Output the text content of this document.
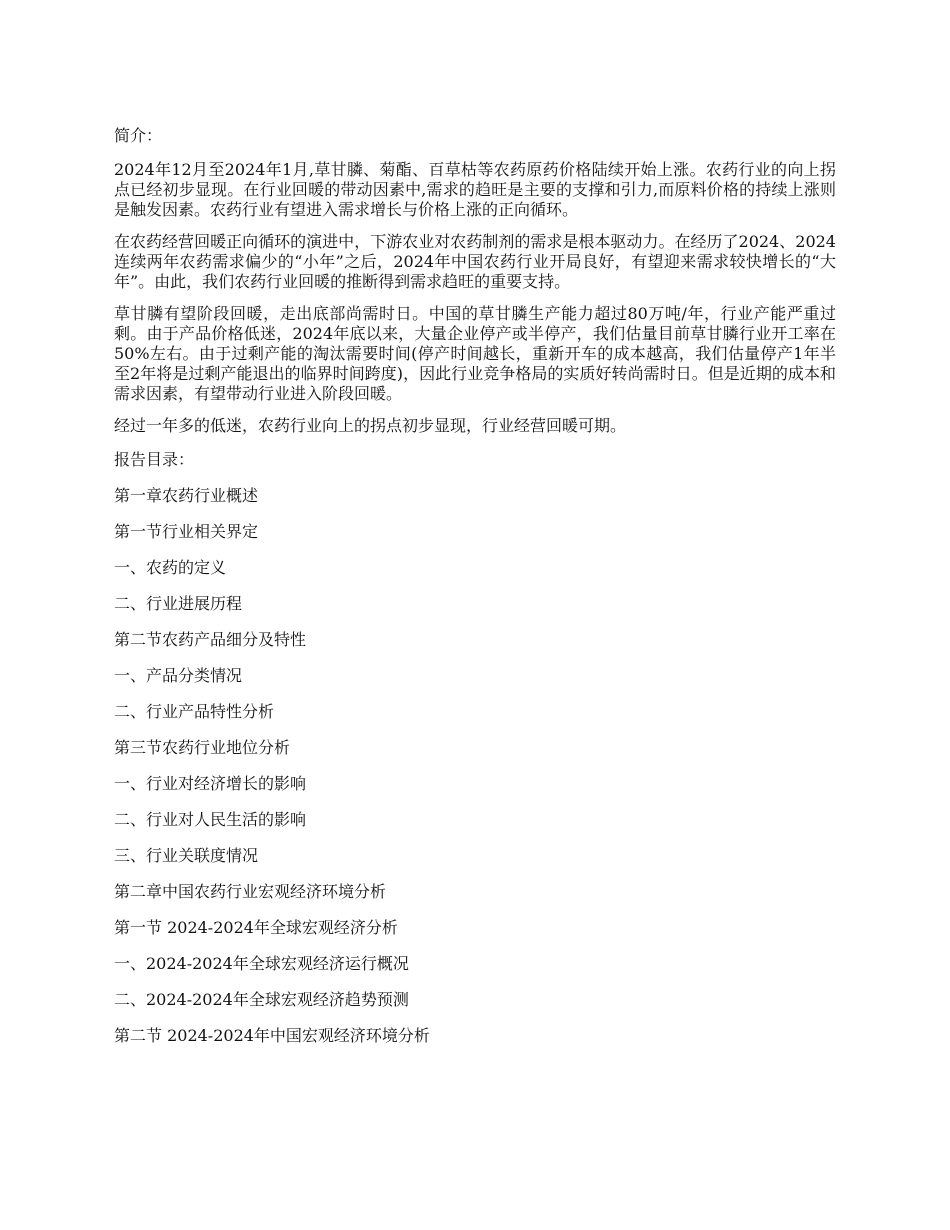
简介：

2024年12月至2024年1月,草甘膦、菊酯、百草枯等农药原药价格陆续开始上涨。农药行业的向上拐点已经初步显现。在行业回暖的带动因素中,需求的趋旺是主要的支撑和引力,而原料价格的持续上涨则是触发因素。农药行业有望进入需求增长与价格上涨的正向循环。

在农药经营回暖正向循环的演进中，下游农业对农药制剂的需求是根本驱动力。在经历了2024、2024连续两年农药需求偏少的“小年”之后，2024年中国农药行业开局良好，有望迎来需求较快增长的“大年”。由此，我们农药行业回暖的推断得到需求趋旺的重要支持。

草甘膦有望阶段回暖，走出底部尚需时日。中国的草甘膦生产能力超过80万吨/年，行业产能严重过剩。由于产品价格低迷，2024年底以来，大量企业停产或半停产，我们估量目前草甘膦行业开工率在50%左右。由于过剩产能的淘汰需要时间(停产时间越长，重新开车的成本越高，我们估量停产1年半至2年将是过剩产能退出的临界时间跨度)，因此行业竞争格局的实质好转尚需时日。但是近期的成本和需求因素，有望带动行业进入阶段回暖。

经过一年多的低迷，农药行业向上的拐点初步显现，行业经营回暖可期。

报告目录：
第一章农药行业概述
第一节行业相关界定
一、农药的定义
二、行业进展历程
第二节农药产品细分及特性
一、产品分类情况
二、行业产品特性分析
第三节农药行业地位分析
一、行业对经济增长的影响
二、行业对人民生活的影响
三、行业关联度情况
第二章中国农药行业宏观经济环境分析
第一节 2024-2024年全球宏观经济分析
一、2024-2024年全球宏观经济运行概况
二、2024-2024年全球宏观经济趋势预测
第二节 2024-2024年中国宏观经济环境分析
